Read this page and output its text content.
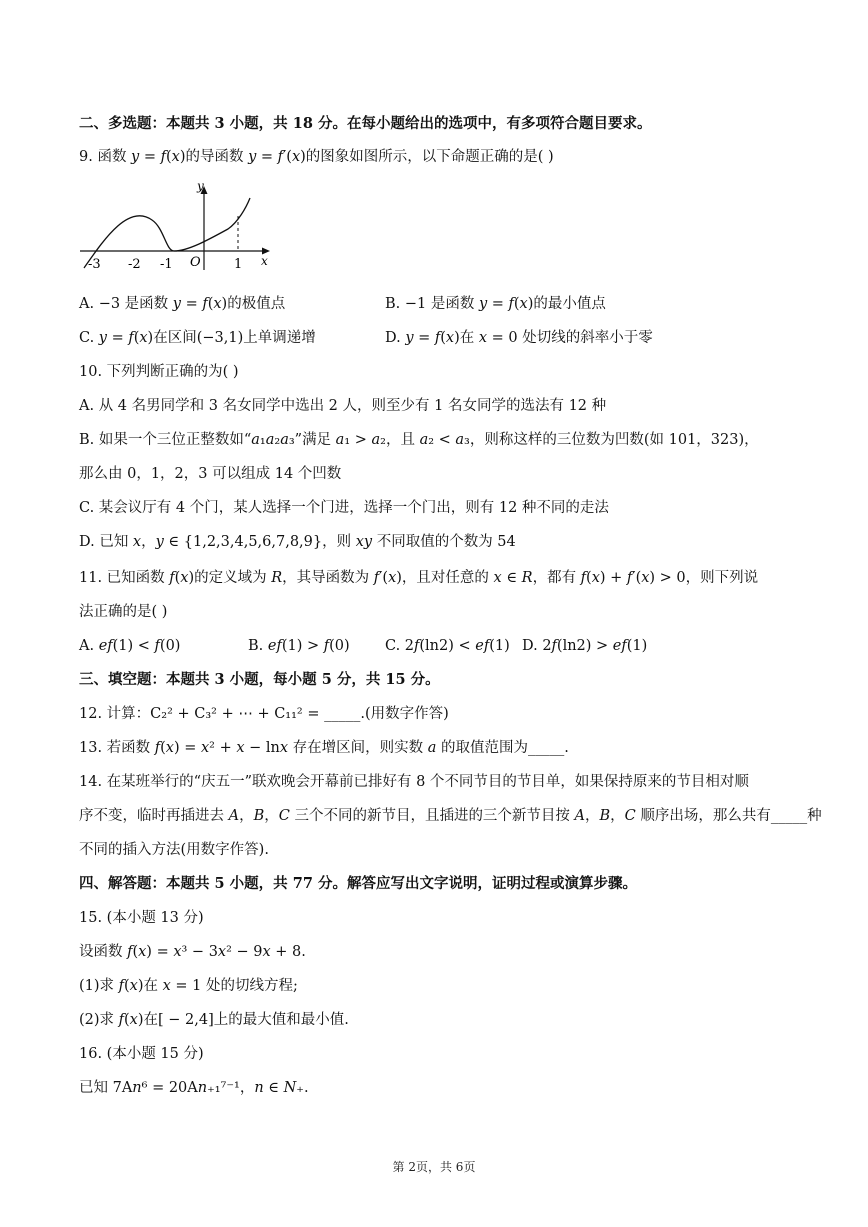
二、多选题：本题共 3 小题，共 18 分。在每小题给出的选项中，有多项符合题目要求。
9. 函数 𝑦 = 𝑓(𝑥)的导函数 𝑦 = 𝑓′(𝑥)的图象如图所示，以下命题正确的是( )
y
x
O
-3 -2 -1	1
A. −3 是函数 𝑦 = 𝑓(𝑥)的极值点	B. −1 是函数 𝑦 = 𝑓(𝑥)的最小值点
C. 𝑦 = 𝑓(𝑥)在区间(−3,1)上单调递增	D. 𝑦 = 𝑓(𝑥)在 𝑥 = 0 处切线的斜率小于零
10. 下列判断正确的为( )
A. 从 4 名男同学和 3 名女同学中选出 2 人，则至少有 1 名女同学的选法有 12 种
B. 如果一个三位正整数如“𝑎₁𝑎₂𝑎₃”满足 𝑎₁ > 𝑎₂，且 𝑎₂ < 𝑎₃，则称这样的三位数为凹数(如 101，323)，
那么由 0，1，2，3 可以组成 14 个凹数
C. 某会议厅有 4 个门，某人选择一个门进，选择一个门出，则有 12 种不同的走法
D. 已知 𝑥，𝑦 ∈ {1,2,3,4,5,6,7,8,9}，则 𝑥𝑦 不同取值的个数为 54
11. 已知函数 𝑓(𝑥)的定义域为 𝑅，其导函数为 𝑓′(𝑥)，且对任意的 𝑥 ∈ 𝑅，都有 𝑓(𝑥) + 𝑓′(𝑥) > 0，则下列说
法正确的是( )
A. 𝑒𝑓(1) < 𝑓(0)	B. 𝑒𝑓(1) > 𝑓(0) C. 2𝑓(ln2) < 𝑒𝑓(1) D. 2𝑓(ln2) > 𝑒𝑓(1)
三、填空题：本题共 3 小题，每小题 5 分，共 15 分。
12. 计算：C₂² + C₃² + ⋯ + C₁₁² = _____.(用数字作答)
13. 若函数 𝑓(𝑥) = 𝑥² + 𝑥 − ln𝑥 存在增区间，则实数 𝑎 的取值范围为_____.
14. 在某班举行的“庆五一”联欢晚会开幕前已排好有 8 个不同节目的节目单，如果保持原来的节目相对顺
序不变，临时再插进去 𝐴，𝐵，𝐶 三个不同的新节目，且插进的三个新节目按 𝐴，𝐵，𝐶 顺序出场，那么共有_____种
不同的插入方法(用数字作答).
四、解答题：本题共 5 小题，共 77 分。解答应写出文字说明，证明过程或演算步骤。
15. (本小题 13 分)
设函数 𝑓(𝑥) = 𝑥³ − 3𝑥² − 9𝑥 + 8.
(1)求 𝑓(𝑥)在 𝑥 = 1 处的切线方程;
(2)求 𝑓(𝑥)在[ − 2,4]上的最大值和最小值.
16. (本小题 15 分)
已知 7A𝑛⁶ = 20A𝑛₊₁⁷⁻¹，𝑛 ∈ 𝑁₊.
第 2页，共 6页
